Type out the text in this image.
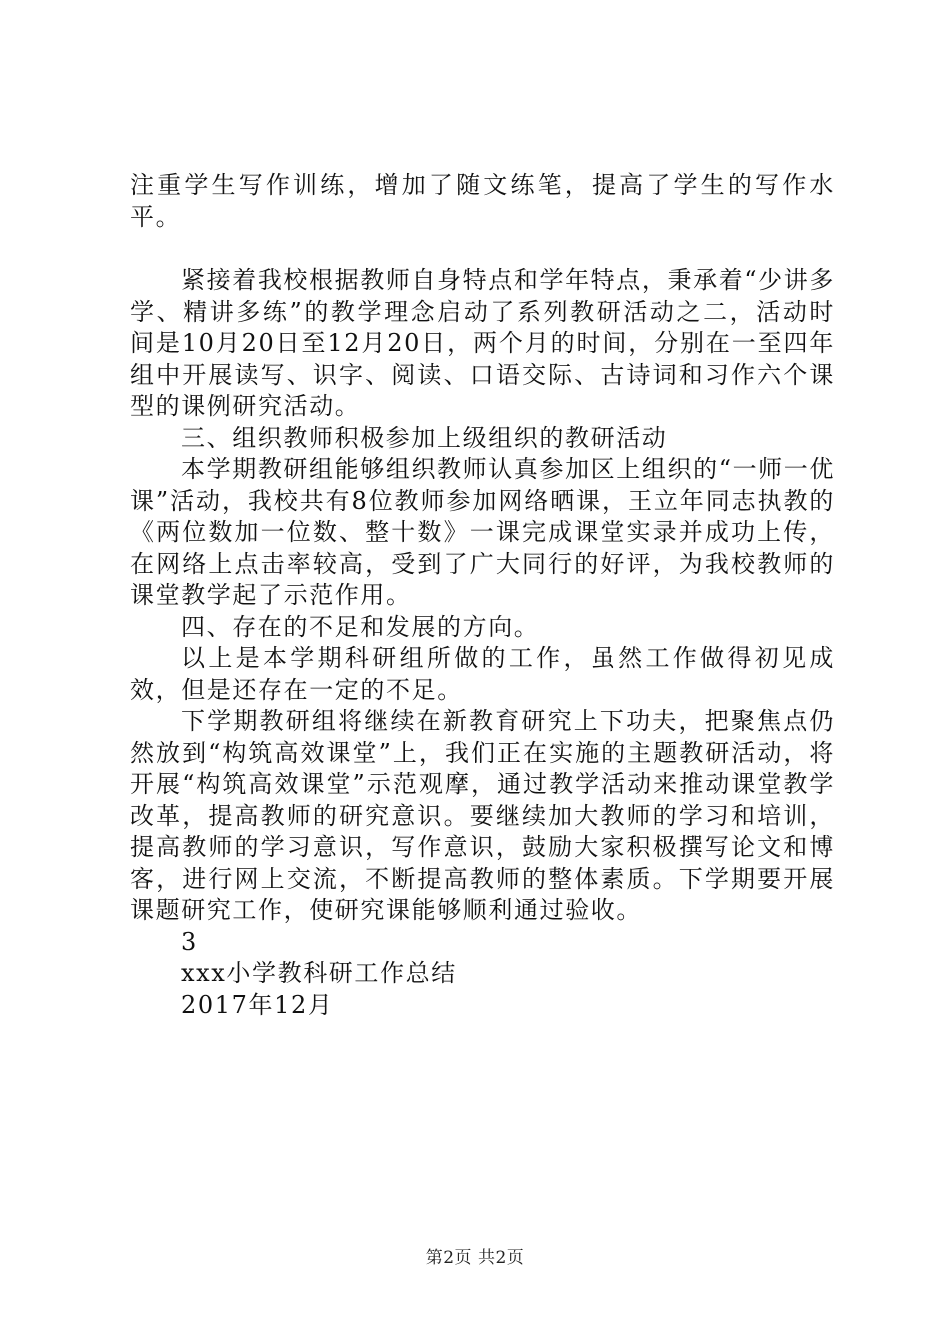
注重学生写作训练，增加了随文练笔，提高了学生的写作水平。

紧接着我校根据教师自身特点和学年特点，秉承着“少讲多学、精讲多练”的教学理念启动了系列教研活动之二，活动时间是10月20日至12月20日，两个月的时间，分别在一至四年组中开展读写、识字、阅读、口语交际、古诗词和习作六个课型的课例研究活动。

三、组织教师积极参加上级组织的教研活动

本学期教研组能够组织教师认真参加区上组织的“一师一优课”活动，我校共有8位教师参加网络晒课，王立年同志执教的《两位数加一位数、整十数》一课完成课堂实录并成功上传，在网络上点击率较高，受到了广大同行的好评，为我校教师的课堂教学起了示范作用。

四、存在的不足和发展的方向。

以上是本学期科研组所做的工作，虽然工作做得初见成效，但是还存在一定的不足。

下学期教研组将继续在新教育研究上下功夫，把聚焦点仍然放到“构筑高效课堂”上，我们正在实施的主题教研活动，将开展“构筑高效课堂”示范观摩，通过教学活动来推动课堂教学改革，提高教师的研究意识。要继续加大教师的学习和培训，提高教师的学习意识，写作意识，鼓励大家积极撰写论文和博客，进行网上交流，不断提高教师的整体素质。下学期要开展课题研究工作，使研究课能够顺利通过验收。

3

xxx小学教科研工作总结

2017年12月

第2页 共2页
